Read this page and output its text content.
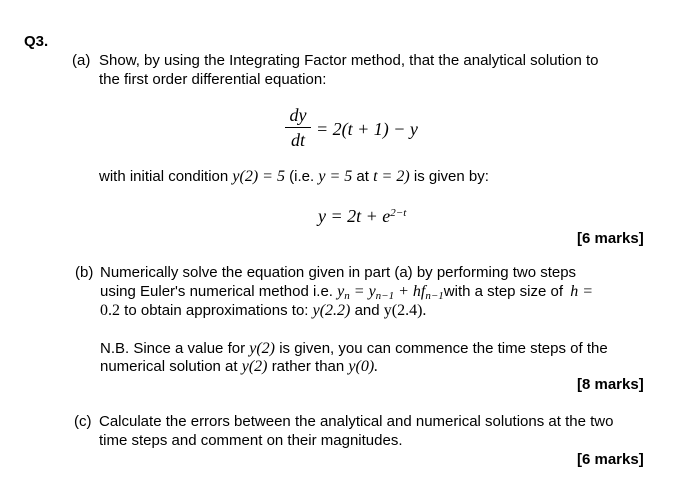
Q3.
(a) Show, by using the Integrating Factor method, that the analytical solution to
the first order differential equation:
dy
dt
= 2(t + 1) − y
with initial condition y(2) = 5 (i.e. y = 5 at t = 2) is given by:
$y = 2t + e^{2-t}$
[6 marks]
(b) Numerically solve the equation given in part (a) by performing two steps
using Euler's numerical method i.e. $y_n = y_{n-1}$ + $hf_{n-1}with$ a step size of h =
0.2 to obtain approximations to: y(2.2) and y(2.4).
N.B. Since a value for y(2) is given, you can commence the time steps of the
numerical solution at y(2) rather than y(0).
[8 marks]
(c) Calculate the errors between the analytical and numerical solutions at the two
time steps and comment on their magnitudes.
[6 marks]
